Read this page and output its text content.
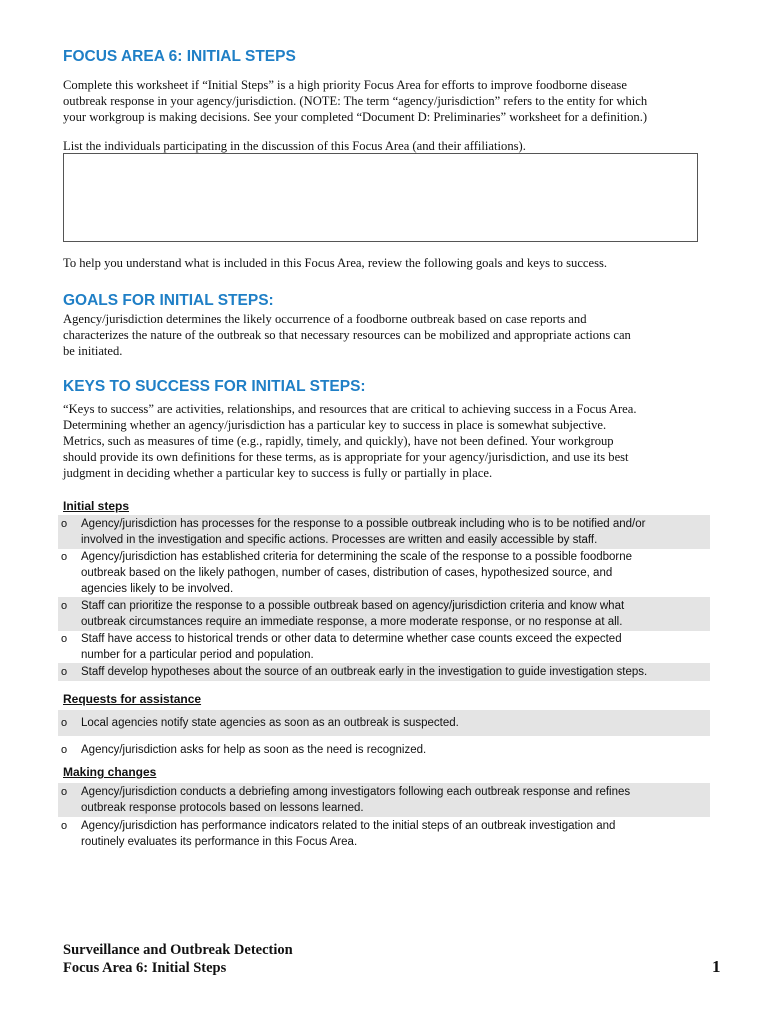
FOCUS AREA 6: INITIAL STEPS

Complete this worksheet if “Initial Steps” is a high priority Focus Area for efforts to improve foodborne disease
outbreak response in your agency/jurisdiction. (NOTE: The term “agency/jurisdiction” refers to the entity for which
your workgroup is making decisions. See your completed “Document D: Preliminaries” worksheet for a definition.)

List the individuals participating in the discussion of this Focus Area (and their affiliations).

To help you understand what is included in this Focus Area, review the following goals and keys to success.

GOALS FOR INITIAL STEPS:

Agency/jurisdiction determines the likely occurrence of a foodborne outbreak based on case reports and
characterizes the nature of the outbreak so that necessary resources can be mobilized and appropriate actions can
be initiated.

KEYS TO SUCCESS FOR INITIAL STEPS:

“Keys to success” are activities, relationships, and resources that are critical to achieving success in a Focus Area.
Determining whether an agency/jurisdiction has a particular key to success in place is somewhat subjective.
Metrics, such as measures of time (e.g., rapidly, timely, and quickly), have not been defined. Your workgroup
should provide its own definitions for these terms, as is appropriate for your agency/jurisdiction, and use its best
judgment in deciding whether a particular key to success is fully or partially in place.

Initial steps

o Agency/jurisdiction has processes for the response to a possible outbreak including who is to be notified and/or
involved in the investigation and specific actions. Processes are written and easily accessible by staff.
o Agency/jurisdiction has established criteria for determining the scale of the response to a possible foodborne
outbreak based on the likely pathogen, number of cases, distribution of cases, hypothesized source, and
agencies likely to be involved.
o Staff can prioritize the response to a possible outbreak based on agency/jurisdiction criteria and know what
outbreak circumstances require an immediate response, a more moderate response, or no response at all.
o Staff have access to historical trends or other data to determine whether case counts exceed the expected
number for a particular period and population.
o Staff develop hypotheses about the source of an outbreak early in the investigation to guide investigation steps.

Requests for assistance

o Local agencies notify state agencies as soon as an outbreak is suspected.
o Agency/jurisdiction asks for help as soon as the need is recognized.

Making changes

o Agency/jurisdiction conducts a debriefing among investigators following each outbreak response and refines
outbreak response protocols based on lessons learned.
o Agency/jurisdiction has performance indicators related to the initial steps of an outbreak investigation and
routinely evaluates its performance in this Focus Area.

Surveillance and Outbreak Detection

Focus Area 6: Initial Steps	1
